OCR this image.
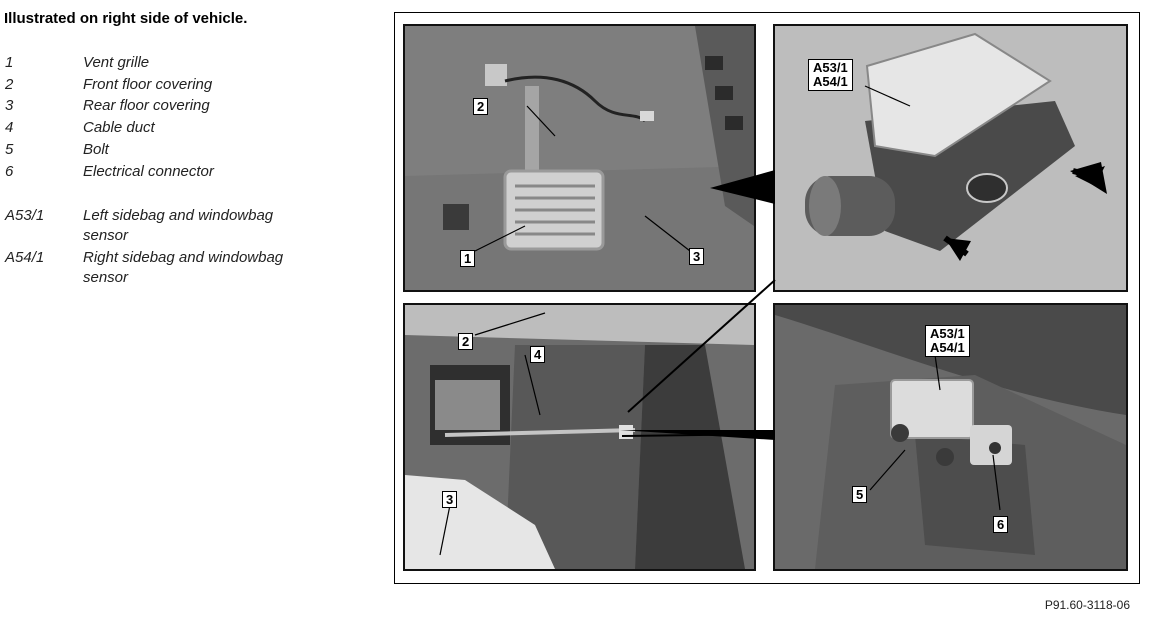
Illustrated on right side of vehicle.
1	Vent grille
2	Front floor covering
3	Rear floor covering
4	Cable duct
5	Bolt
6	Electrical connector
A53/1	Left sidebag and windowbag sensor
A54/1	Right sidebag and windowbag sensor
2
1	3
A53/1
A54/1
2
4
3
A53/1
A54/1
5
6
P91.60-3118-06
